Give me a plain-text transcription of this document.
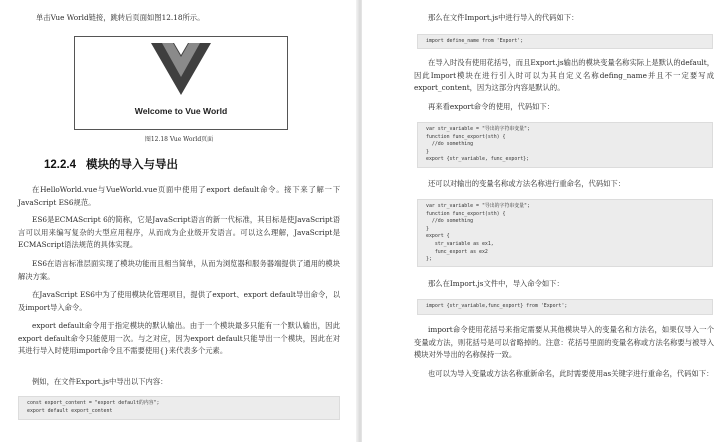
单击Vue World链接，跳转后页面如图12.18所示。

Welcome to Vue World
图12.18 Vue World页面
12.2.4 模块的导入与导出

在HelloWorld.vue与VueWorld.vue页面中使用了export default命令。接下来了解一下JavaScript ES6规范。

ES6是ECMAScript 6的简称，它是JavaScript语言的新一代标准，其目标是使JavaScript语言可以用来编写复杂的大型应用程序，从而成为企业级开发语言。可以这么理解，JavaScript是ECMAScript语法规范的具体实现。

ES6在语言标准层面实现了模块功能而且相当简单，从而为浏览器和服务器端提供了通用的模块解决方案。

在JavaScript ES6中为了使用模块化管理项目，提供了export、export default导出命令，以及import导入命令。

export default命令用于指定模块的默认输出。由于一个模块最多只能有一个默认输出，因此export default命令只能使用一次。与之对应，因为export default只能导出一个模块，因此在对其进行导入时使用import命令且不需要使用{}来代表多个元素。

例如，在文件Export.js中导出以下内容：

const export_content = "export default的内容";
export default export_content

那么在文件Import.js中进行导入的代码如下：

import define_name from 'Export';

在导入时没有使用花括号，而且Export.js输出的模块变量名称实际上是默认的default，因此Import模块在进行引入时可以为其自定义名称defing_name并且不一定要写成export_content，因为这部分内容是默认的。

再来看export命令的使用，代码如下：

var str_variable = "导出的字符串变量";
function func_export(sth) {
//do something
}
export {str_variable, func_export};

还可以对输出的变量名称或方法名称进行重命名，代码如下：

var str_variable = "导出的字符串变量";
function func_export(sth) {
//do something
}
export {
str_variable as ex1,
func_export as ex2
};

那么在Import.js文件中，导入命令如下：

import {str_variable,func_export} from 'Export';

import命令使用花括号来指定需要从其他模块导入的变量名和方法名，如果仅导入一个变量或方法，则花括号是可以省略掉的。注意：花括号里面的变量名称或方法名称要与被导入模块对外导出的名称保持一致。

也可以为导入变量或方法名称重新命名，此时需要使用as关键字进行重命名，代码如下：
